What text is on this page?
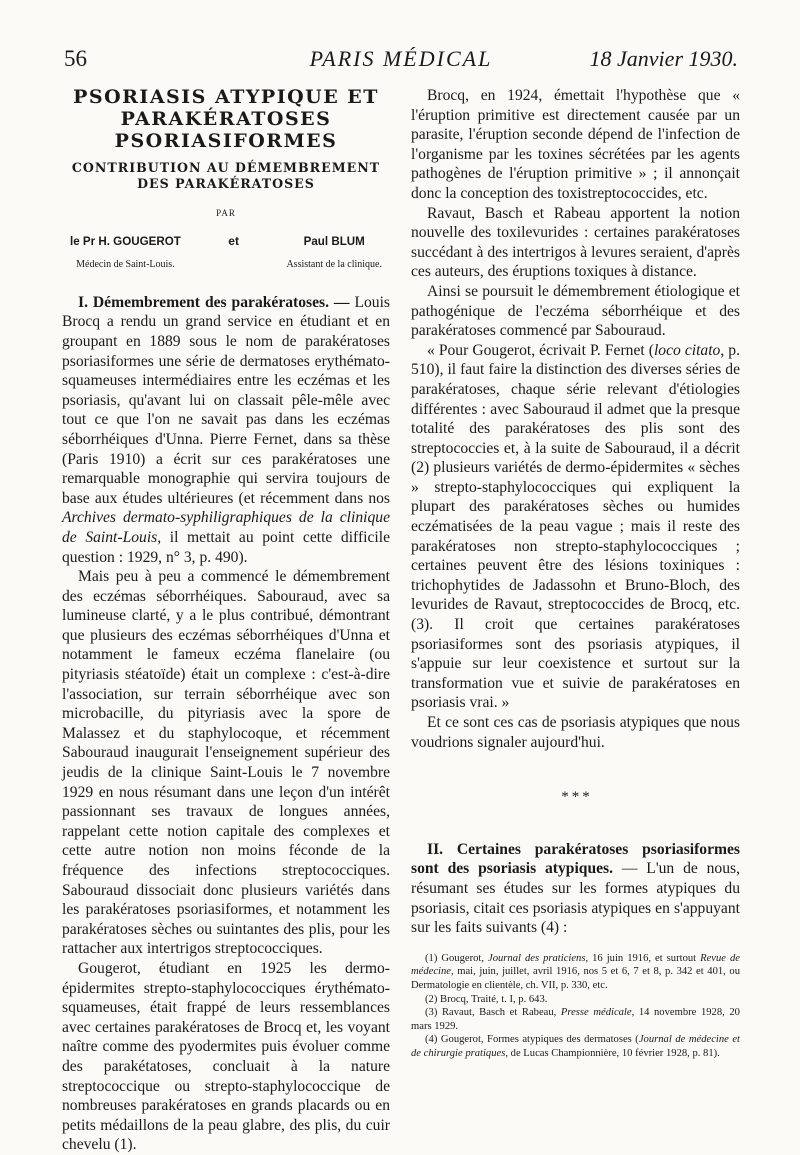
56	PARIS MÉDICAL	18 Janvier 1930.
PSORIASIS ATYPIQUE ET PARAKÉRATOSES PSORIASIFORMES
CONTRIBUTION AU DÉMEMBREMENT DES PARAKÉRATOSES
PAR
le Pr H. GOUGEROT
Médecin de Saint-Louis.
et	Paul BLUM
Assistant de la clinique.

I. Démembrement des parakératoses. — Louis Brocq a rendu un grand service en étudiant et en groupant en 1889 sous le nom de parakératoses psoriasiformes une série de dermatoses erythémato-squameuses intermédiaires entre les eczémas et les psoriasis, qu'avant lui on classait pêle-mêle avec tout ce que l'on ne savait pas dans les eczémas séborrhéiques d'Unna. Pierre Fernet, dans sa thèse (Paris 1910) a écrit sur ces parakératoses une remarquable monographie qui servira toujours de base aux études ultérieures (et récemment dans nos Archives dermato-syphiligraphiques de la clinique de Saint-Louis, il mettait au point cette difficile question : 1929, n° 3, p. 490).

Mais peu à peu a commencé le démembrement des eczémas séborrhéiques. Sabouraud, avec sa lumineuse clarté, y a le plus contribué, démontrant que plusieurs des eczémas séborrhéiques d'Unna et notamment le fameux eczéma flanelaire (ou pityriasis stéatoïde) était un complexe : c'est-à-dire l'association, sur terrain séborrhéique avec son microbacille, du pityriasis avec la spore de Malassez et du staphylocoque, et récemment Sabouraud inaugurait l'enseignement supérieur des jeudis de la clinique Saint-Louis le 7 novembre 1929 en nous résumant dans une leçon d'un intérêt passionnant ses travaux de longues années, rappelant cette notion capitale des complexes et cette autre notion non moins féconde de la fréquence des infections streptococciques. Sabouraud dissociait donc plusieurs variétés dans les parakératoses psoriasiformes, et notamment les parakératoses sèches ou suintantes des plis, pour les rattacher aux intertrigos streptococciques.

Gougerot, étudiant en 1925 les dermo-épidermites strepto-staphylococciques érythémato-squameuses, était frappé de leurs ressemblances avec certaines parakératoses de Brocq et, les voyant naître comme des pyodermites puis évoluer comme des parakétatoses, concluait à la nature streptococcique ou strepto-staphylococcique de nombreuses parakératoses en grands placards ou en petits médaillons de la peau glabre, des plis, du cuir chevelu (1).

Brocq, en 1924, émettait l'hypothèse que « l'éruption primitive est directement causée par un parasite, l'éruption seconde dépend de l'infection de l'organisme par les toxines sécrétées par les agents pathogènes de l'éruption primitive » ; il annonçait donc la conception des toxistreptococcides, etc.

Ravaut, Basch et Rabeau apportent la notion nouvelle des toxilevurides : certaines parakératoses succédant à des intertrigos à levures seraient, d'après ces auteurs, des éruptions toxiques à distance.

Ainsi se poursuit le démembrement étiologique et pathogénique de l'eczéma séborrhéique et des parakératoses commencé par Sabouraud.

« Pour Gougerot, écrivait P. Fernet (loco citato, p. 510), il faut faire la distinction des diverses séries de parakératoses, chaque série relevant d'étiologies différentes : avec Sabouraud il admet que la presque totalité des parakératoses des plis sont des streptococcies et, à la suite de Sabouraud, il a décrit (2) plusieurs variétés de dermo-épidermites « sèches » strepto-staphylococciques qui expliquent la plupart des parakératoses sèches ou humides eczématisées de la peau vague ; mais il reste des parakératoses non strepto-staphylococciques ; certaines peuvent être des lésions toxiniques : trichophytides de Jadassohn et Bruno-Bloch, des levurides de Ravaut, streptococcides de Brocq, etc. (3). Il croit que certaines parakératoses psoriasiformes sont des psoriasis atypiques, il s'appuie sur leur coexistence et surtout sur la transformation vue et suivie de parakératoses en psoriasis vrai. »

Et ce sont ces cas de psoriasis atypiques que nous voudrions signaler aujourd'hui.

* * *

II. Certaines parakératoses psoriasiformes sont des psoriasis atypiques. — L'un de nous, résumant ses études sur les formes atypiques du psoriasis, citait ces psoriasis atypiques en s'appuyant sur les faits suivants (4) :

(1) Gougerot, Journal des praticiens, 16 juin 1916, et surtout Revue de médecine, mai, juin, juillet, avril 1916, nos 5 et 6, 7 et 8, p. 342 et 401, ou Dermatologie en clientèle, ch. VII, p. 330, etc.

(2) Brocq, Traité, t. I, p. 643.

(3) Ravaut, Basch et Rabeau, Presse médicale, 14 novembre 1928, 20 mars 1929.

(4) Gougerot, Formes atypiques des dermatoses (Journal de médecine et de chirurgie pratiques, de Lucas Championnière, 10 février 1928, p. 81).
